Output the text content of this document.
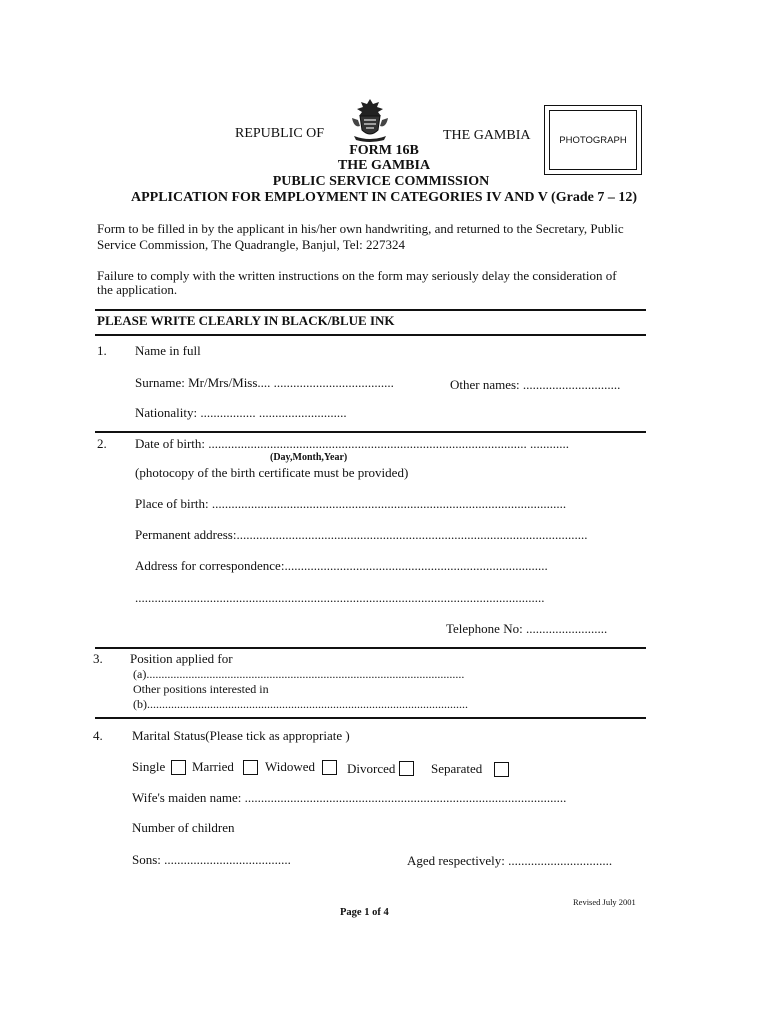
REPUBLIC OF	THE GAMBIA	PHOTOGRAPH
FORM 16B
THE GAMBIA
PUBLIC SERVICE COMMISSION
APPLICATION FOR EMPLOYMENT IN CATEGORIES IV AND V (Grade 7 – 12)
Form to be filled in by the applicant in his/her own handwriting, and returned to the Secretary, Public
Service Commission, The Quadrangle, Banjul, Tel: 227324
Failure to comply with the written instructions on the form may seriously delay the consideration of
the application.
PLEASE WRITE CLEARLY IN BLACK/BLUE INK
1. Name in full
Surname: Mr/Mrs/Miss.... .....................................	Other names: ..............................
Nationality: ................. ...........................
2. Date of birth: .................................................................................................. ............
(Day,Month,Year)
(photocopy of the birth certificate must be provided)
Place of birth: .............................................................................................................
Permanent address:............................................................................................................
Address for correspondence:.................................................................................
..............................................................................................................................
Telephone No: .........................
3. Position applied for
(a)..........................................................................................................
Other positions interested in
(b)...........................................................................................................
4. Marital Status(Please tick as appropriate )
Single Married Widowed Divorced	Separated
Wife's maiden name: ...................................................................................................
Number of children
Sons: .......................................	Aged respectively: ................................
Revised July 2001
Page 1 of 4
